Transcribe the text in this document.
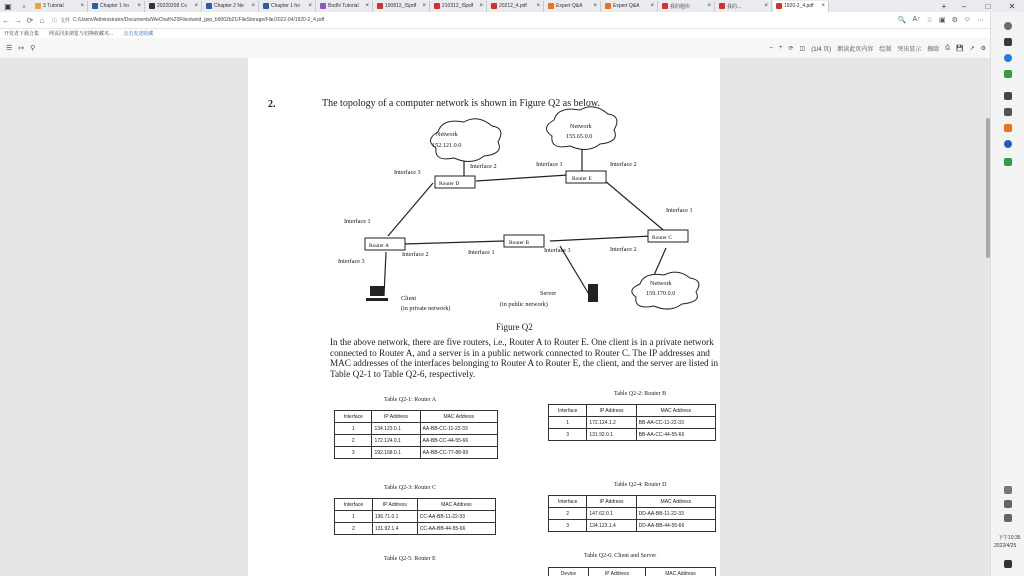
▣	▫	3 Tutorial	×	Chapter 1 ho	×	20220208 Co	×	Chapter 2 Ne	×	Chapter 1 ho	×	Bodhi Tutorial	×	190812_ISpdf	×	210312_ISpdf	×	20212_4.pdf	×	Expert Q&A	×	Expert Q&A	×	我的题库	×	我的...	×	1920-2_4.pdf	×	+	–	□	✕
← → ⟳ ⌂	ⓘ 文件 C:/Users/Administrator/Documents/WeChat%20Files/wxid_gxp_b9002b21/FileStorage/File/2022-04/1920-2_4.pdf	🔍 A↑ ☆ ▣ ⚙ ☺ ⋯
开发者下载合集 网页同步浏览与切换收藏夹... 点击发送收藏
☰ ↦ ⚲	– + ⟳ ◫ (1/4 页) 朗读此页内容 绘制 突出显示 擦除 ⎙ 💾 ↗ ⚙
2.	The topology of a computer network is shown in Figure Q2 as below.
Network
152.121.0.0
Network
155.65.0.0
Network
159.170.0.0
Router D
Router E
Router A	Router B
Router C
Interface 3
Interface 2	Interface 1	Interface 2
Interface 1
Interface 2
Interface 3
Interface 1	Interface 3
Interface 1
Interface 2
Client
(in private network)
Server
(in public network)
Figure Q2

In the above network, there are five routers, i.e., Router A to Router E. One client is in a private network connected to Router A, and a server is in a public network connected to Router C. The IP addresses and MAC addresses of the interfaces belonging to Router A to Router E, the client, and the server are listed in Table Q2-1 to Table Q2-6, respectively.

Table Q2-1: Router A
Interface	IP Address	MAC Address
1	134.123.0.1	AA-BB-CC-11-22-33
2	172.124.0.1	AA-BB-CC-44-55-66
3	192.168.0.1	AA-BB-CC-77-88-99
Table Q2-2: Router B
Interface	IP Address	MAC Address
1	172.124.1.2	BB-AA-CC-11-22-33
3	131.92.0.1	BB-AA-CC-44-55-66
Table Q2-3: Router C
Interface	IP Address	MAC Address
1	136.71.0.1	CC-AA-BB-11-22-33
2	131.92.1.4	CC-AA-BB-44-55-66
Table Q2-4: Router D
Interface	IP Address	MAC Address
2	147.62.0.1	DD-AA-BB-11-22-33
3	134.123.1.4	DD-AA-BB-44-55-66
Table Q2-5: Router E	Table Q2-6: Client and Server
Device	IP Address	MAC Address
下午10:35
2022/4/25
